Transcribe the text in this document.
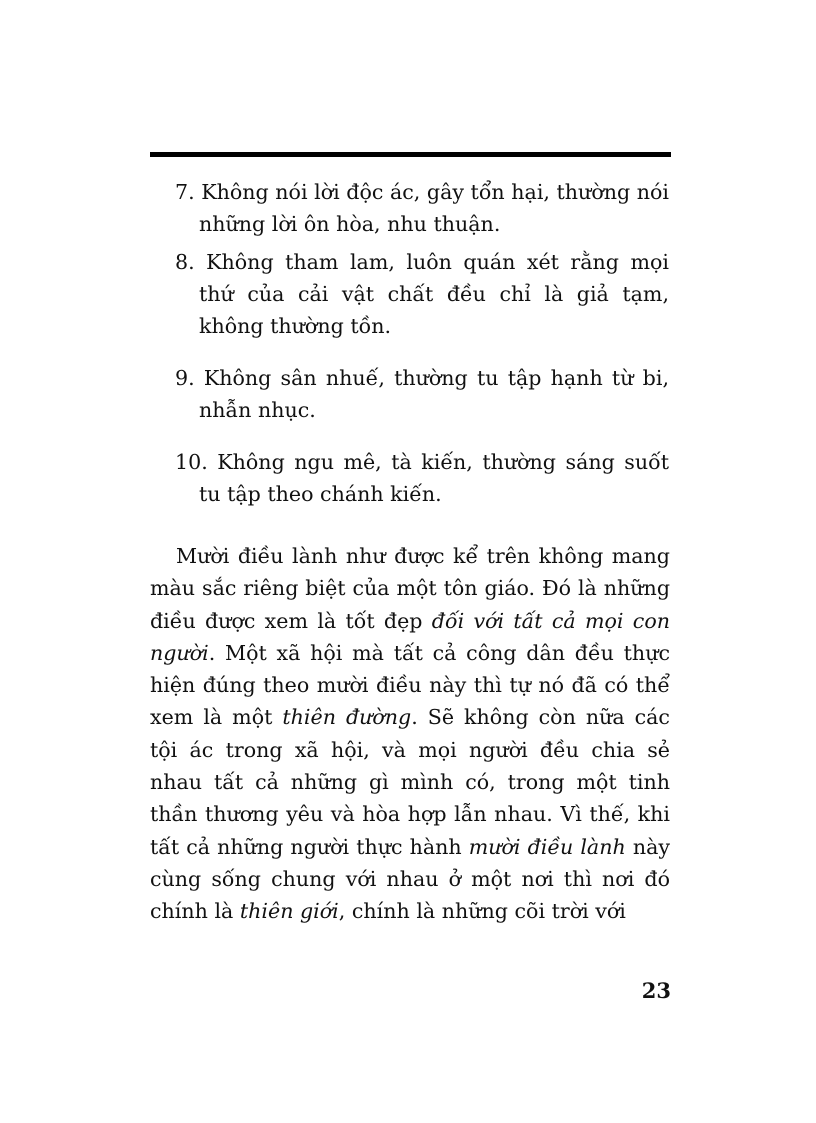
7. Không nói lời độc ác, gây tổn hại, thường nói những lời ôn hòa, nhu thuận.
8. Không tham lam, luôn quán xét rằng mọi thứ của cải vật chất đều chỉ là giả tạm, không thường tồn.
9. Không sân nhuế, thường tu tập hạnh từ bi, nhẫn nhục.
10. Không ngu mê, tà kiến, thường sáng suốt tu tập theo chánh kiến.

Mười điều lành như được kể trên không mang màu sắc riêng biệt của một tôn giáo. Đó là những điều được xem là tốt đẹp đối với tất cả mọi con người. Một xã hội mà tất cả công dân đều thực hiện đúng theo mười điều này thì tự nó đã có thể xem là một thiên đường. Sẽ không còn nữa các tội ác trong xã hội, và mọi người đều chia sẻ nhau tất cả những gì mình có, trong một tinh thần thương yêu và hòa hợp lẫn nhau. Vì thế, khi tất cả những người thực hành mười điều lành này cùng sống chung với nhau ở một nơi thì nơi đó chính là thiên giới, chính là những cõi trời với

23
